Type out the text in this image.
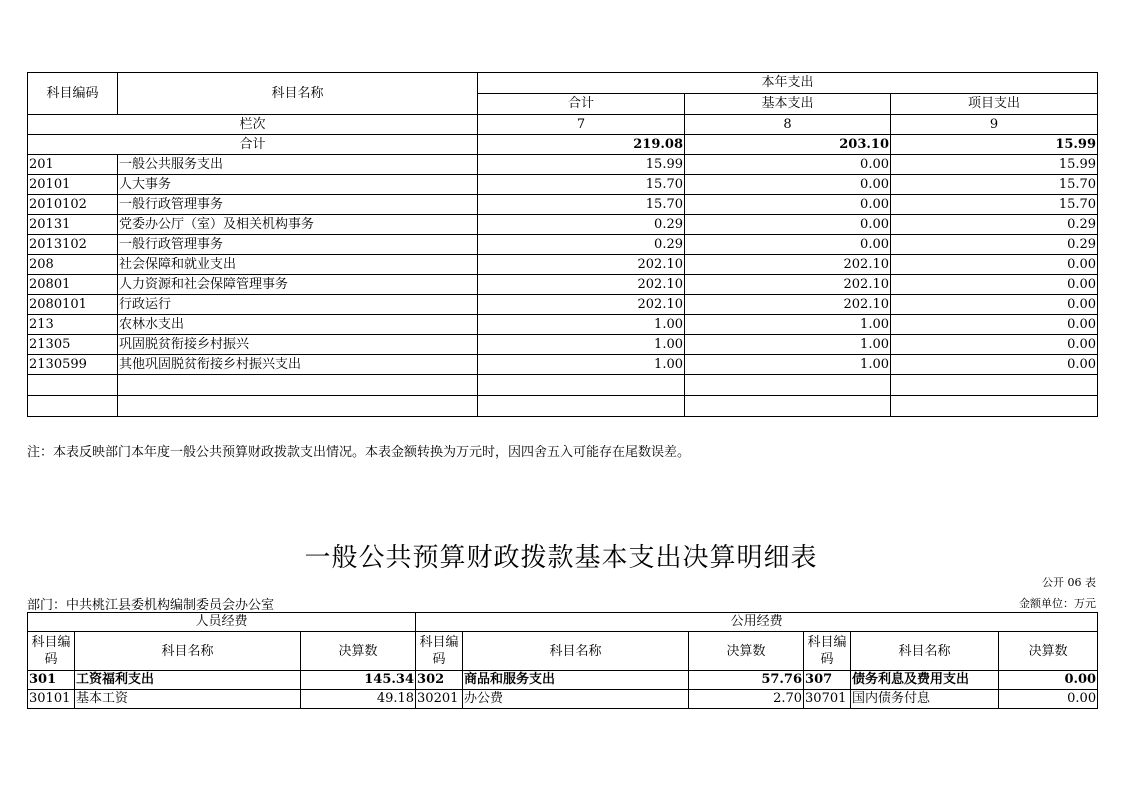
科目编码	科目名称	本年支出		
		合计	基本支出	项目支出
栏次		7	8	9
合计		219.08	203.10	15.99
201	一般公共服务支出	15.99	0.00	15.99
20101	人大事务	15.70	0.00	15.70
2010102	一般行政管理事务	15.70	0.00	15.70
20131	党委办公厅（室）及相关机构事务	0.29	0.00	0.29
2013102	一般行政管理事务	0.29	0.00	0.29
208	社会保障和就业支出	202.10	202.10	0.00
20801	人力资源和社会保障管理事务	202.10	202.10	0.00
2080101	行政运行	202.10	202.10	0.00
213	农林水支出	1.00	1.00	0.00
21305	巩固脱贫衔接乡村振兴	1.00	1.00	0.00
2130599	其他巩固脱贫衔接乡村振兴支出	1.00	1.00	0.00

注：本表反映部门本年度一般公共预算财政拨款支出情况。本表金额转换为万元时，因四舍五入可能存在尾数误差。
一般公共预算财政拨款基本支出决算明细表
公开 06 表
部门：中共桃江县委机构编制委员会办公室	金额单位：万元
人员经费			公用经费					
科目编码	科目名称	决算数	科目编码	科目名称	决算数	科目编码	科目名称	决算数
301	工资福利支出	145.34	302	商品和服务支出	57.76	307	债务利息及费用支出	0.00
30101	基本工资	49.18	30201	办公费	2.70	30701	国内债务付息	0.00
